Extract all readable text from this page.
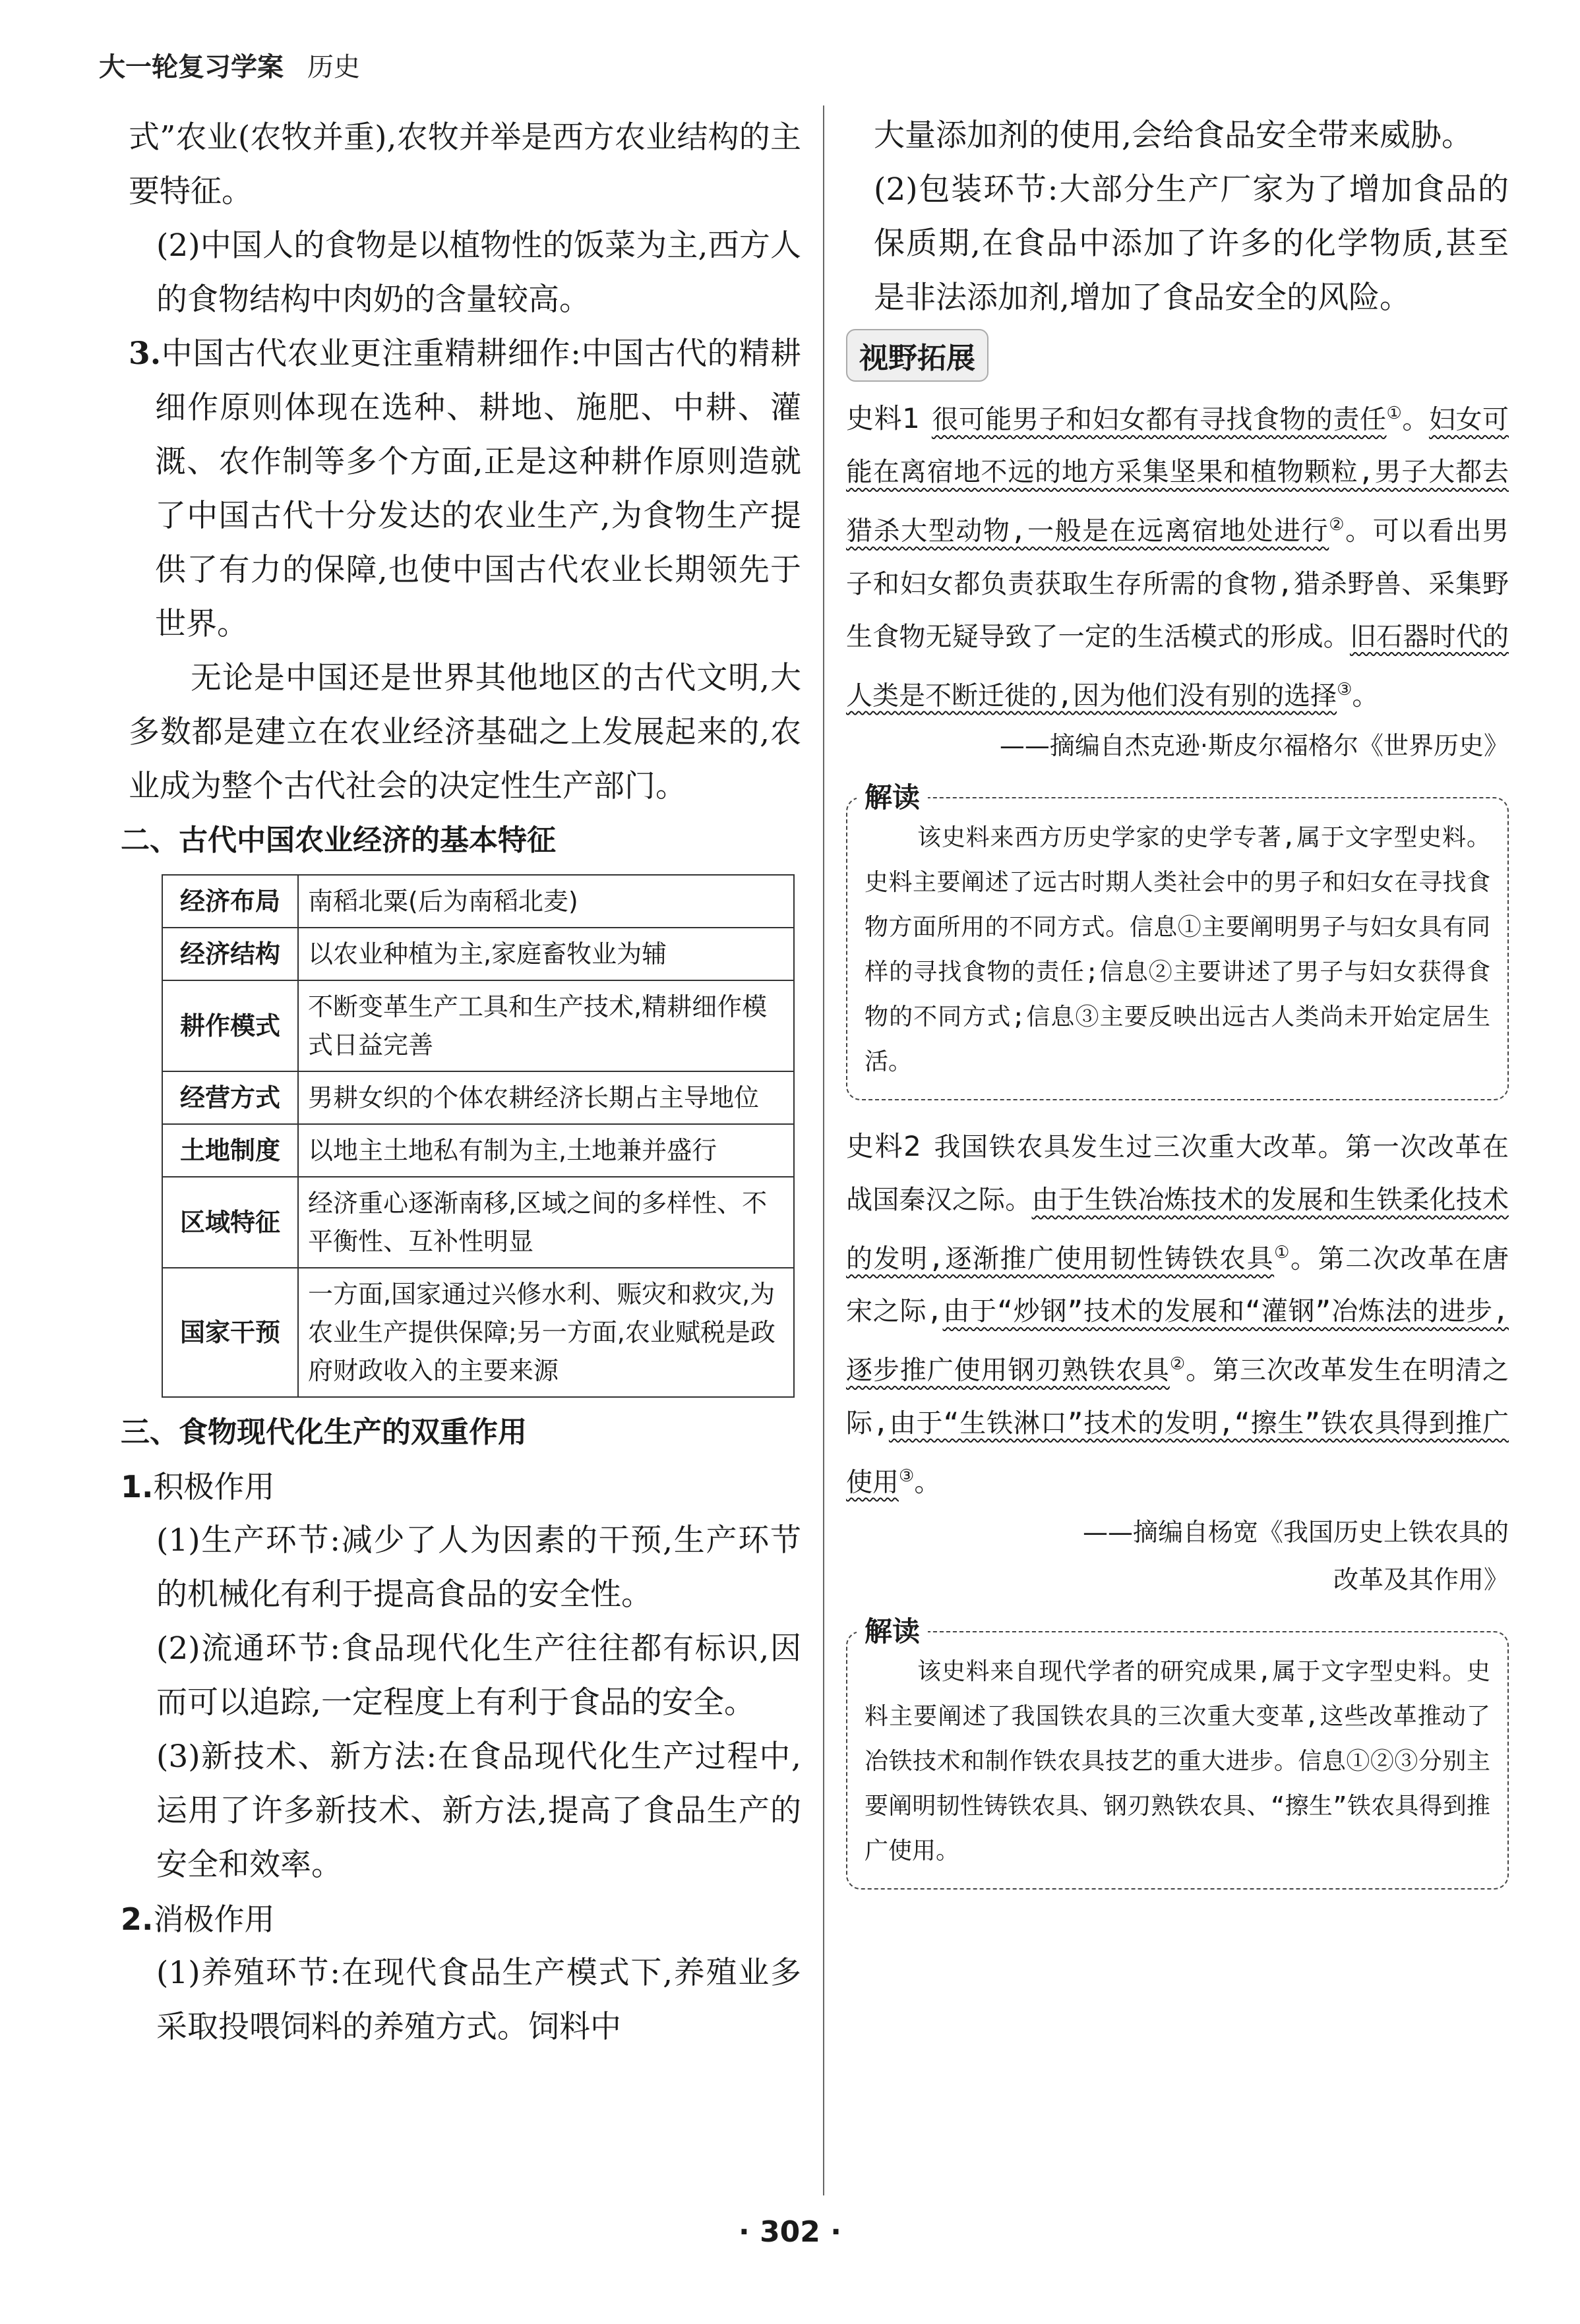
大一轮复习学案 历史

式”农业(农牧并重),农牧并举是西方农业结构的主要特征。

(2)中国人的食物是以植物性的饭菜为主,西方人的食物结构中肉奶的含量较高。

3.中国古代农业更注重精耕细作:中国古代的精耕细作原则体现在选种、耕地、施肥、中耕、灌溉、农作制等多个方面,正是这种耕作原则造就了中国古代十分发达的农业生产,为食物生产提供了有力的保障,也使中国古代农业长期领先于世界。

无论是中国还是世界其他地区的古代文明,大多数都是建立在农业经济基础之上发展起来的,农业成为整个古代社会的决定性生产部门。

二、古代中国农业经济的基本特征

经济布局	南稻北粟(后为南稻北麦)
经济结构	以农业种植为主,家庭畜牧业为辅
耕作模式	不断变革生产工具和生产技术,精耕细作模式日益完善
经营方式	男耕女织的个体农耕经济长期占主导地位
土地制度	以地主土地私有制为主,土地兼并盛行
区域特征	经济重心逐渐南移,区域之间的多样性、不平衡性、互补性明显
国家干预	一方面,国家通过兴修水利、赈灾和救灾,为农业生产提供保障;另一方面,农业赋税是政府财政收入的主要来源

三、食物现代化生产的双重作用

1.积极作用

(1)生产环节:减少了人为因素的干预,生产环节的机械化有利于提高食品的安全性。

(2)流通环节:食品现代化生产往往都有标识,因而可以追踪,一定程度上有利于食品的安全。

(3)新技术、新方法:在食品现代化生产过程中,运用了许多新技术、新方法,提高了食品生产的安全和效率。

2.消极作用

(1)养殖环节:在现代食品生产模式下,养殖业多采取投喂饲料的养殖方式。饲料中

大量添加剂的使用,会给食品安全带来威胁。

(2)包装环节:大部分生产厂家为了增加食品的保质期,在食品中添加了许多的化学物质,甚至是非法添加剂,增加了食品安全的风险。

视野拓展

史料1 很可能男子和妇女都有寻找食物的责任①。妇女可能在离宿地不远的地方采集坚果和植物颗粒,男子大都去猎杀大型动物,一般是在远离宿地处进行②。可以看出男子和妇女都负责获取生存所需的食物,猎杀野兽、采集野生食物无疑导致了一定的生活模式的形成。旧石器时代的人类是不断迁徙的,因为他们没有别的选择③。

——摘编自杰克逊·斯皮尔福格尔《世界历史》

解读

该史料来西方历史学家的史学专著,属于文字型史料。史料主要阐述了远古时期人类社会中的男子和妇女在寻找食物方面所用的不同方式。信息①主要阐明男子与妇女具有同样的寻找食物的责任;信息②主要讲述了男子与妇女获得食物的不同方式;信息③主要反映出远古人类尚未开始定居生活。

史料2 我国铁农具发生过三次重大改革。第一次改革在战国秦汉之际。由于生铁冶炼技术的发展和生铁柔化技术的发明,逐渐推广使用韧性铸铁农具①。第二次改革在唐宋之际,由于“炒钢”技术的发展和“灌钢”冶炼法的进步,逐步推广使用钢刃熟铁农具②。第三次改革发生在明清之际,由于“生铁淋口”技术的发明,“擦生”铁农具得到推广使用③。

——摘编自杨宽《我国历史上铁农具的

改革及其作用》

解读

该史料来自现代学者的研究成果,属于文字型史料。史料主要阐述了我国铁农具的三次重大变革,这些改革推动了冶铁技术和制作铁农具技艺的重大进步。信息①②③分别主要阐明韧性铸铁农具、钢刃熟铁农具、“擦生”铁农具得到推广使用。

· 302 ·
